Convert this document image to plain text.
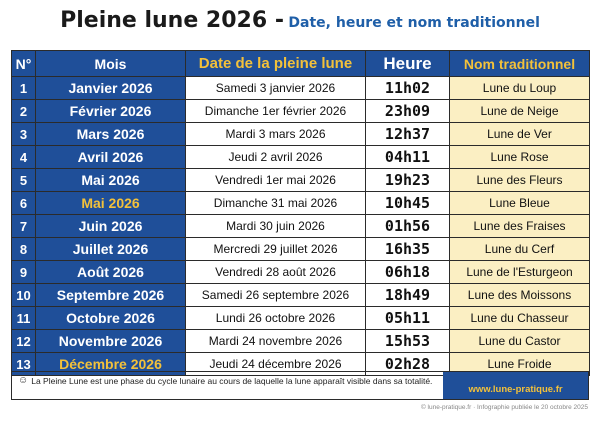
Pleine lune 2026 - Date, heure et nom traditionnel
N°	Mois	Date de la pleine lune	Heure	Nom traditionnel
1	Janvier 2026	Samedi 3 janvier 2026	11h02	Lune du Loup
2	Février 2026	Dimanche 1er février 2026	23h09	Lune de Neige
3	Mars 2026	Mardi 3 mars 2026	12h37	Lune de Ver
4	Avril 2026	Jeudi 2 avril 2026	04h11	Lune Rose
5	Mai 2026	Vendredi 1er mai 2026	19h23	Lune des Fleurs
6	Mai 2026	Dimanche 31 mai 2026	10h45	Lune Bleue
7	Juin 2026	Mardi 30 juin 2026	01h56	Lune des Fraises
8	Juillet 2026	Mercredi 29 juillet 2026	16h35	Lune du Cerf
9	Août 2026	Vendredi 28 août 2026	06h18	Lune de l'Esturgeon
10	Septembre 2026	Samedi 26 septembre 2026	18h49	Lune des Moissons
11	Octobre 2026	Lundi 26 octobre 2026	05h11	Lune du Chasseur
12	Novembre 2026	Mardi 24 novembre 2026	15h53	Lune du Castor
13	Décembre 2026	Jeudi 24 décembre 2026	02h28	Lune Froide
☺ La Pleine Lune est une phase du cycle lunaire au cours de laquelle la lune apparaît visible dans sa totalité.
www.lune-pratique.fr
© lune-pratique.fr · Infographie publiée le 20 octobre 2025
